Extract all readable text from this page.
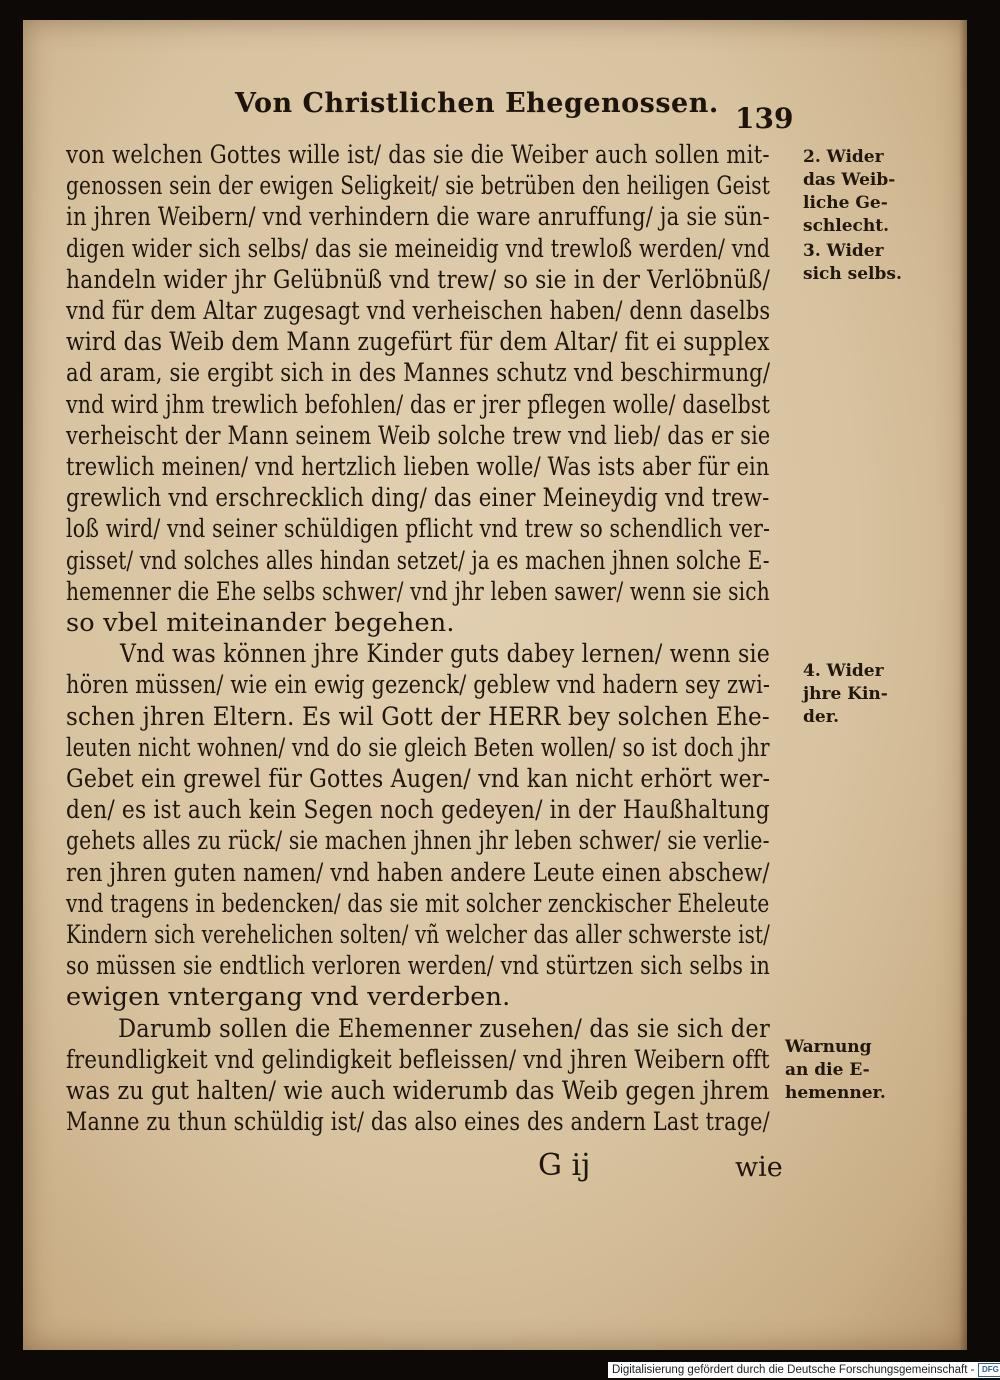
Von Christlichen Ehegenossen. 139
von welchen Gottes wille ist/ das sie die Weiber auch sollen mit-
genossen sein der ewigen Seligkeit/ sie betrüben den heiligen Geist
in jhren Weibern/ vnd verhindern die ware anruffung/ ja sie sün-
digen wider sich selbs/ das sie meineidig vnd trewloß werden/ vnd
handeln wider jhr Gelübnüß vnd trew/ so sie in der Verlöbnüß/
vnd für dem Altar zugesagt vnd verheischen haben/ denn daselbs
wird das Weib dem Mann zugefürt für dem Altar/ fit ei supplex
ad aram, sie ergibt sich in des Mannes schutz vnd beschirmung/
vnd wird jhm trewlich befohlen/ das er jrer pflegen wolle/ daselbst
verheischt der Mann seinem Weib solche trew vnd lieb/ das er sie
trewlich meinen/ vnd hertzlich lieben wolle/ Was ists aber für ein
grewlich vnd erschrecklich ding/ das einer Meineydig vnd trew-
loß wird/ vnd seiner schüldigen pflicht vnd trew so schendlich ver-
gisset/ vnd solches alles hindan setzet/ ja es machen jhnen solche E-
hemenner die Ehe selbs schwer/ vnd jhr leben sawer/ wenn sie sich
so vbel miteinander begehen.
Vnd was können jhre Kinder guts dabey lernen/ wenn sie
hören müssen/ wie ein ewig gezenck/ geblew vnd hadern sey zwi-
schen jhren Eltern. Es wil Gott der HERR bey solchen Ehe-
leuten nicht wohnen/ vnd do sie gleich Beten wollen/ so ist doch jhr
Gebet ein grewel für Gottes Augen/ vnd kan nicht erhört wer-
den/ es ist auch kein Segen noch gedeyen/ in der Haußhaltung
gehets alles zu rück/ sie machen jhnen jhr leben schwer/ sie verlie-
ren jhren guten namen/ vnd haben andere Leute einen abschew/
vnd tragens in bedencken/ das sie mit solcher zenckischer Eheleute
Kindern sich verehelichen solten/ vñ welcher das aller schwerste ist/
so müssen sie endtlich verloren werden/ vnd stürtzen sich selbs in
ewigen vntergang vnd verderben.
Darumb sollen die Ehemenner zusehen/ das sie sich der
freundligkeit vnd gelindigkeit befleissen/ vnd jhren Weibern offt
was zu gut halten/ wie auch widerumb das Weib gegen jhrem
Manne zu thun schüldig ist/ das also eines des andern Last trage/
2. Wider
das Weib-
liche Ge-
schlecht.
3. Wider
sich selbs.
4. Wider
jhre Kin-
der.
Warnung
an die E-
hemenner.
G ij	wie
Digitalisierung gefördert durch die Deutsche Forschungsgemeinschaft - DFG
